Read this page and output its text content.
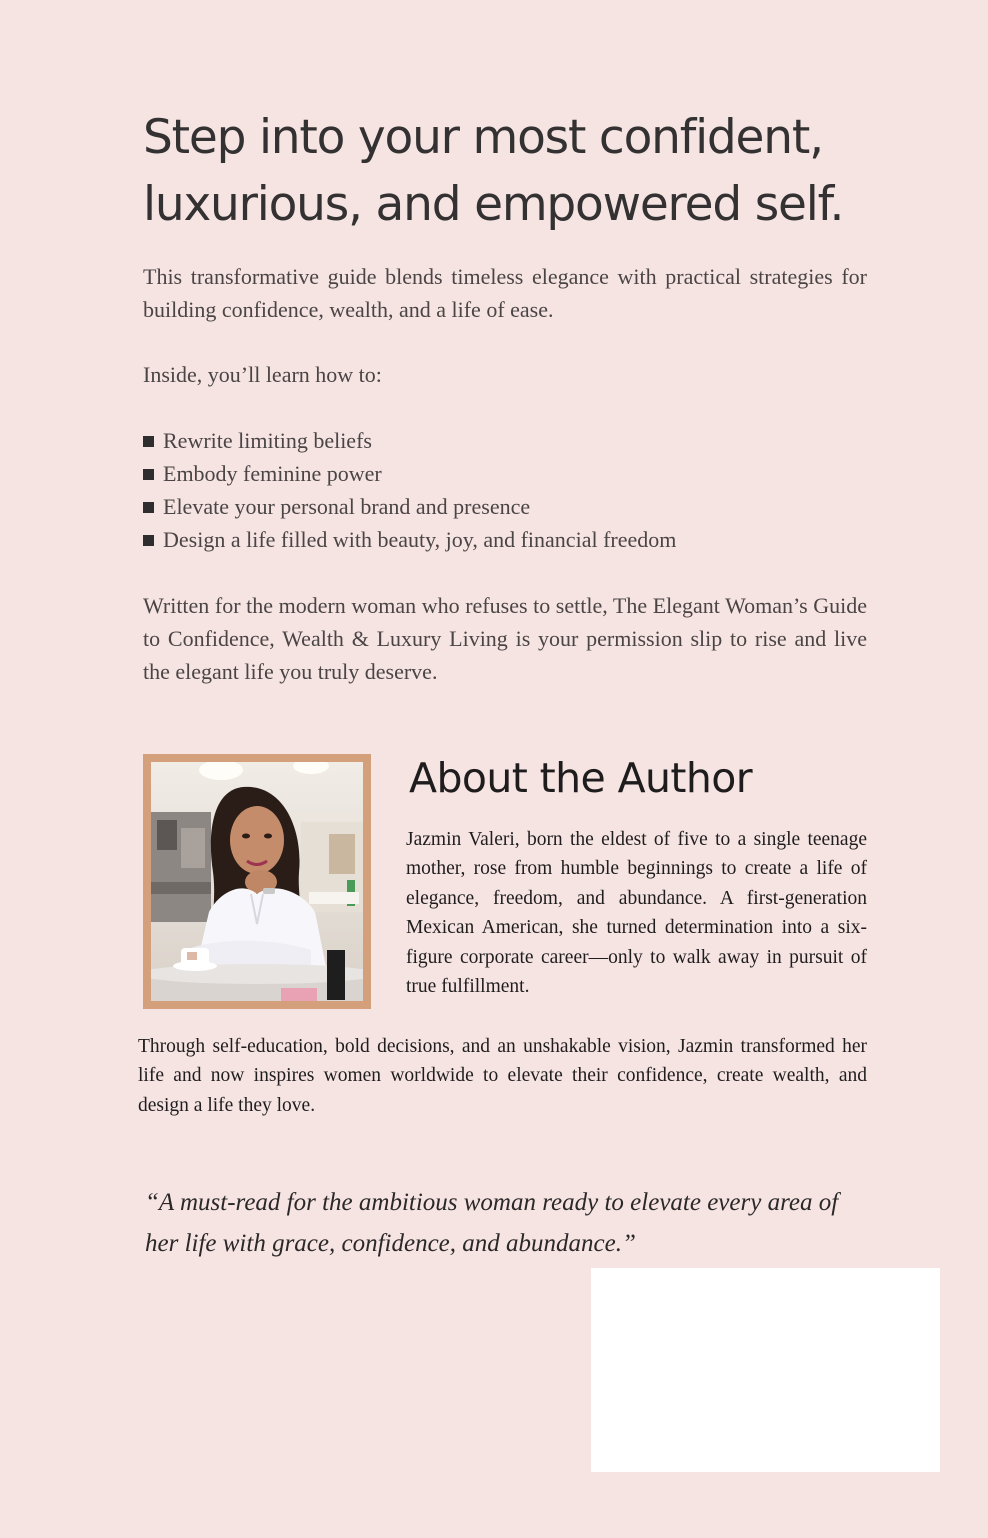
Step into your most confident, luxurious, and empowered self.

This transformative guide blends timeless elegance with practical strategies for building confidence, wealth, and a life of ease.

Inside, you’ll learn how to:

Rewrite limiting beliefs
Embody feminine power
Elevate your personal brand and presence
Design a life filled with beauty, joy, and financial freedom

Written for the modern woman who refuses to settle, The Elegant Woman’s Guide to Confidence, Wealth & Luxury Living is your permission slip to rise and live the elegant life you truly deserve.

About the Author

Jazmin Valeri, born the eldest of five to a single teenage mother, rose from humble beginnings to create a life of elegance, freedom, and abundance. A first-generation Mexican American, she turned determination into a six-figure corporate career—only to walk away in pursuit of true fulfillment.

Through self-education, bold decisions, and an unshakable vision, Jazmin transformed her life and now inspires women worldwide to elevate their confidence, create wealth, and design a life they love.

“A must-read for the ambitious woman ready to elevate every area of her life with grace, confidence, and abundance.”
